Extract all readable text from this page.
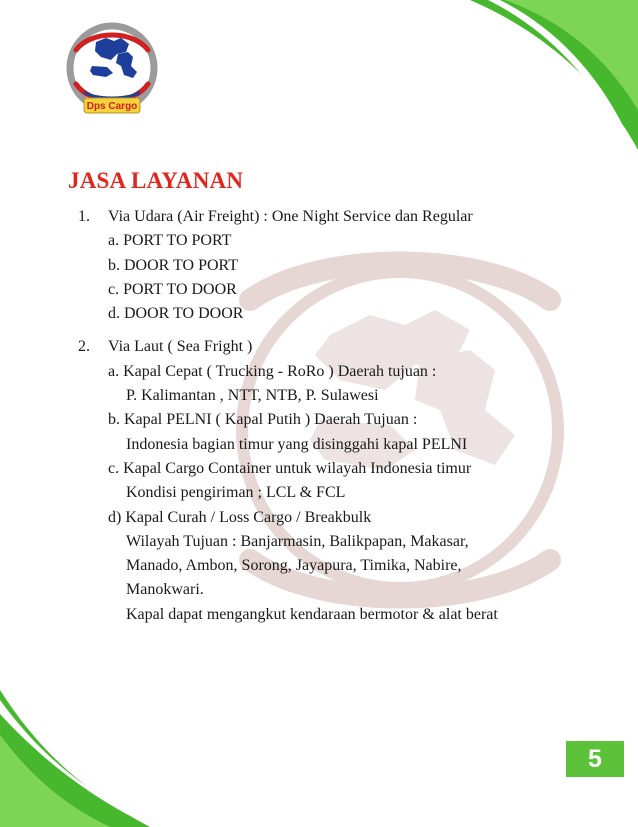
Dps Cargo
JASA LAYANAN
1. Via Udara (Air Freight) : One Night Service dan Regular
a. PORT TO PORT
b. DOOR TO PORT
c. PORT TO DOOR
d. DOOR TO DOOR
2. Via Laut ( Sea Fright )
a. Kapal Cepat ( Trucking - RoRo ) Daerah tujuan :
P. Kalimantan , NTT, NTB, P. Sulawesi
b. Kapal PELNI ( Kapal Putih ) Daerah Tujuan :
Indonesia bagian timur yang disinggahi kapal PELNI
c. Kapal Cargo Container untuk wilayah Indonesia timur
Kondisi pengiriman ; LCL & FCL
d) Kapal Curah / Loss Cargo / Breakbulk
Wilayah Tujuan : Banjarmasin, Balikpapan, Makasar,
Manado, Ambon, Sorong, Jayapura, Timika, Nabire,
Manokwari.
Kapal dapat mengangkut kendaraan bermotor & alat berat
5
